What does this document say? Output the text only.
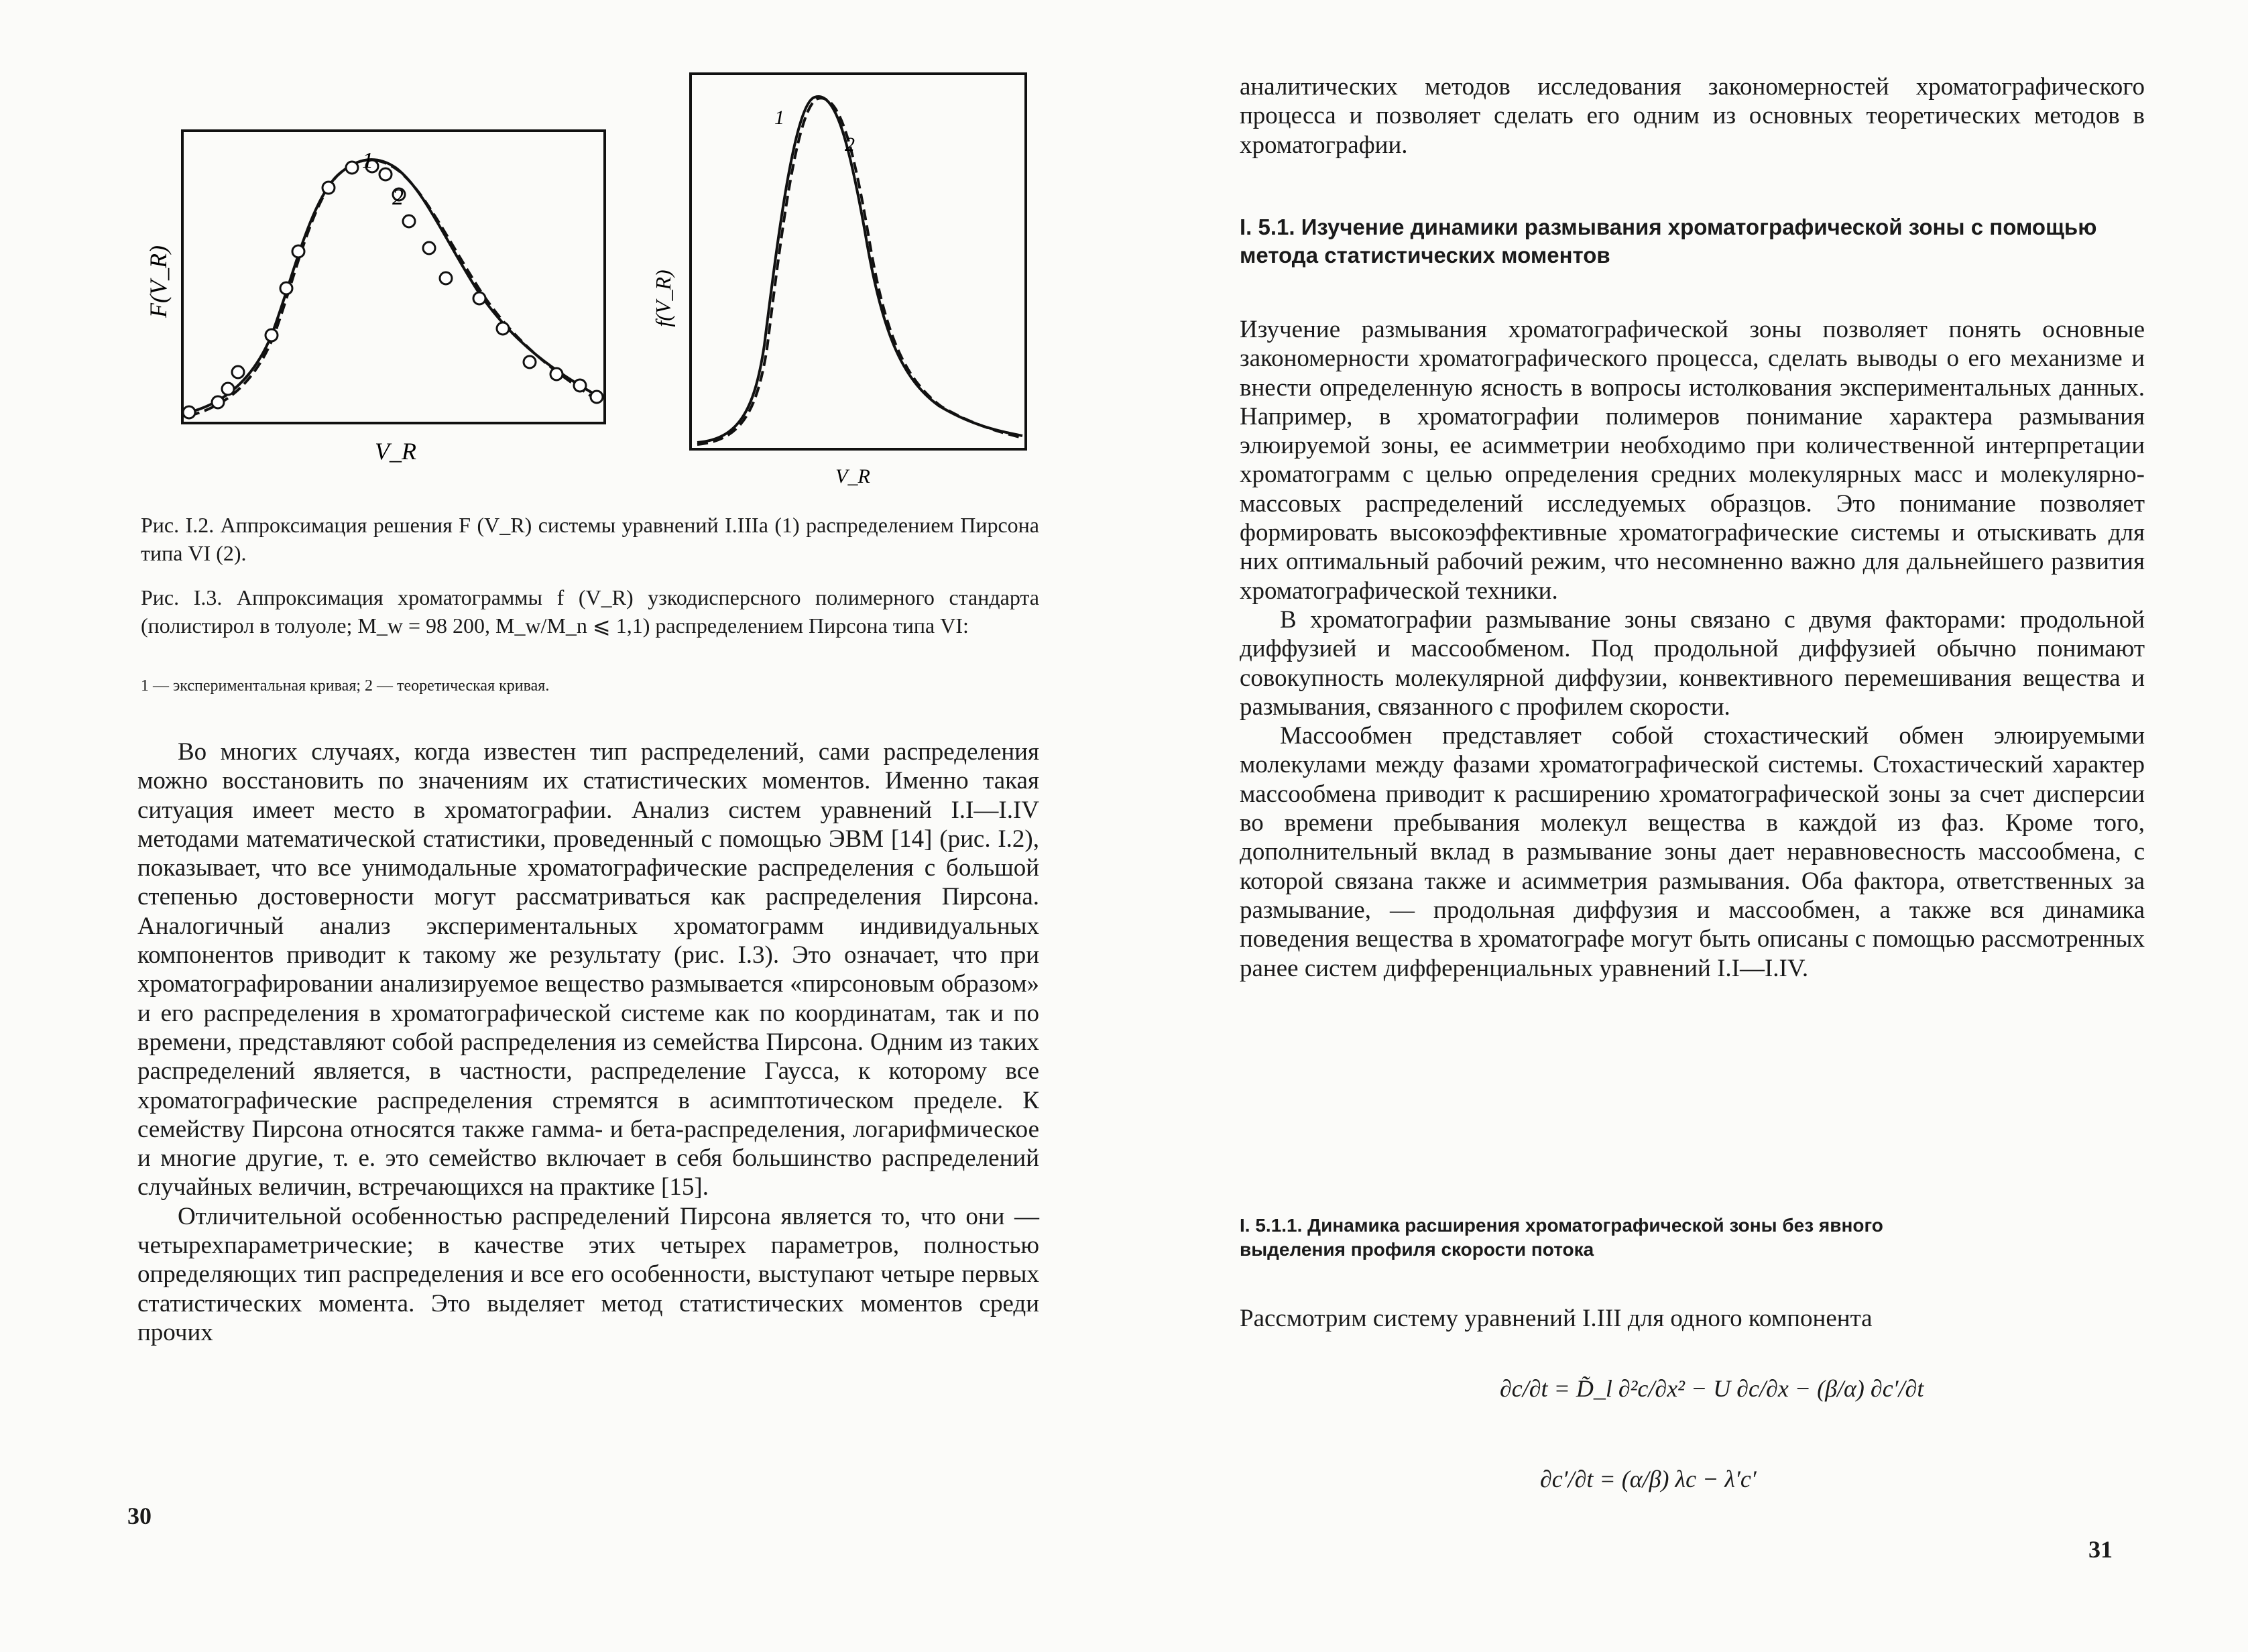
1
2
F(V_R)
V_R
1
2
f(V_R)
V_R
Рис. I.2. Аппроксимация решения F (V_R) системы уравнений I.IIIа (1) распределением Пирсона типа VI (2).
Рис. I.3. Аппроксимация хроматограммы f (V_R) узкодисперсного полимерного стандарта (полистирол в толуоле; M_w = 98 200, M_w/M_n ⩽ 1,1) распределением Пирсона типа VI:
1 — экспериментальная кривая; 2 — теоретическая кривая.

Во многих случаях, когда известен тип распределений, сами распределения можно восстановить по значениям их статистических моментов. Именно такая ситуация имеет место в хроматографии. Анализ систем уравнений I.I—I.IV методами математической статистики, проведенный с помощью ЭВМ [14] (рис. I.2), показывает, что все унимодальные хроматографические распределения с большой степенью достоверности могут рассматриваться как распределения Пирсона. Аналогичный анализ экспериментальных хроматограмм индивидуальных компонентов приводит к такому же результату (рис. I.3). Это означает, что при хроматографировании анализируемое вещество размывается «пирсоновым образом» и его распределения в хроматографической системе как по координатам, так и по времени, представляют собой распределения из семейства Пирсона. Одним из таких распределений является, в частности, распределение Гаусса, к которому все хроматографические распределения стремятся в асимптотическом пределе. К семейству Пирсона относятся также гамма- и бета-распределения, логарифмическое и многие другие, т. е. это семейство включает в себя большинство распределений случайных величин, встречающихся на практике [15].

Отличительной особенностью распределений Пирсона является то, что они — четырехпараметрические; в качестве этих четырех параметров, полностью определяющих тип распределения и все его особенности, выступают четыре первых статистических момента. Это выделяет метод статистических моментов среди прочих

30

аналитических методов исследования закономерностей хроматографического процесса и позволяет сделать его одним из основных теоретических методов в хроматографии.

I. 5.1. Изучение динамики размывания хроматографической зоны с помощью метода статистических моментов

Изучение размывания хроматографической зоны позволяет понять основные закономерности хроматографического процесса, сделать выводы о его механизме и внести определенную ясность в вопросы истолкования экспериментальных данных. Например, в хроматографии полимеров понимание характера размывания элюируемой зоны, ее асимметрии необходимо при количественной интерпретации хроматограмм с целью определения средних молекулярных масс и молекулярно-массовых распределений исследуемых образцов. Это понимание позволяет формировать высокоэффективные хроматографические системы и отыскивать для них оптимальный рабочий режим, что несомненно важно для дальнейшего развития хроматографической техники.

В хроматографии размывание зоны связано с двумя факторами: продольной диффузией и массообменом. Под продольной диффузией обычно понимают совокупность молекулярной диффузии, конвективного перемешивания вещества и размывания, связанного с профилем скорости.

Массообмен представляет собой стохастический обмен элюируемыми молекулами между фазами хроматографической системы. Стохастический характер массообмена приводит к расширению хроматографической зоны за счет дисперсии во времени пребывания молекул вещества в каждой из фаз. Кроме того, дополнительный вклад в размывание зоны дает неравновесность массообмена, с которой связана также и асимметрия размывания. Оба фактора, ответственных за размывание, — продольная диффузия и массообмен, а также вся динамика поведения вещества в хроматографе могут быть описаны с помощью рассмотренных ранее систем дифференциальных уравнений I.I—I.IV.

I. 5.1.1. Динамика расширения хроматографической зоны без явного выделения профиля скорости потока

Рассмотрим систему уравнений I.III для одного компонента

∂c/∂t = D̃_l ∂²c/∂x² − U ∂c/∂x − (β/α) ∂c′/∂t
∂c′/∂t = (α/β) λc − λ′c′
31
